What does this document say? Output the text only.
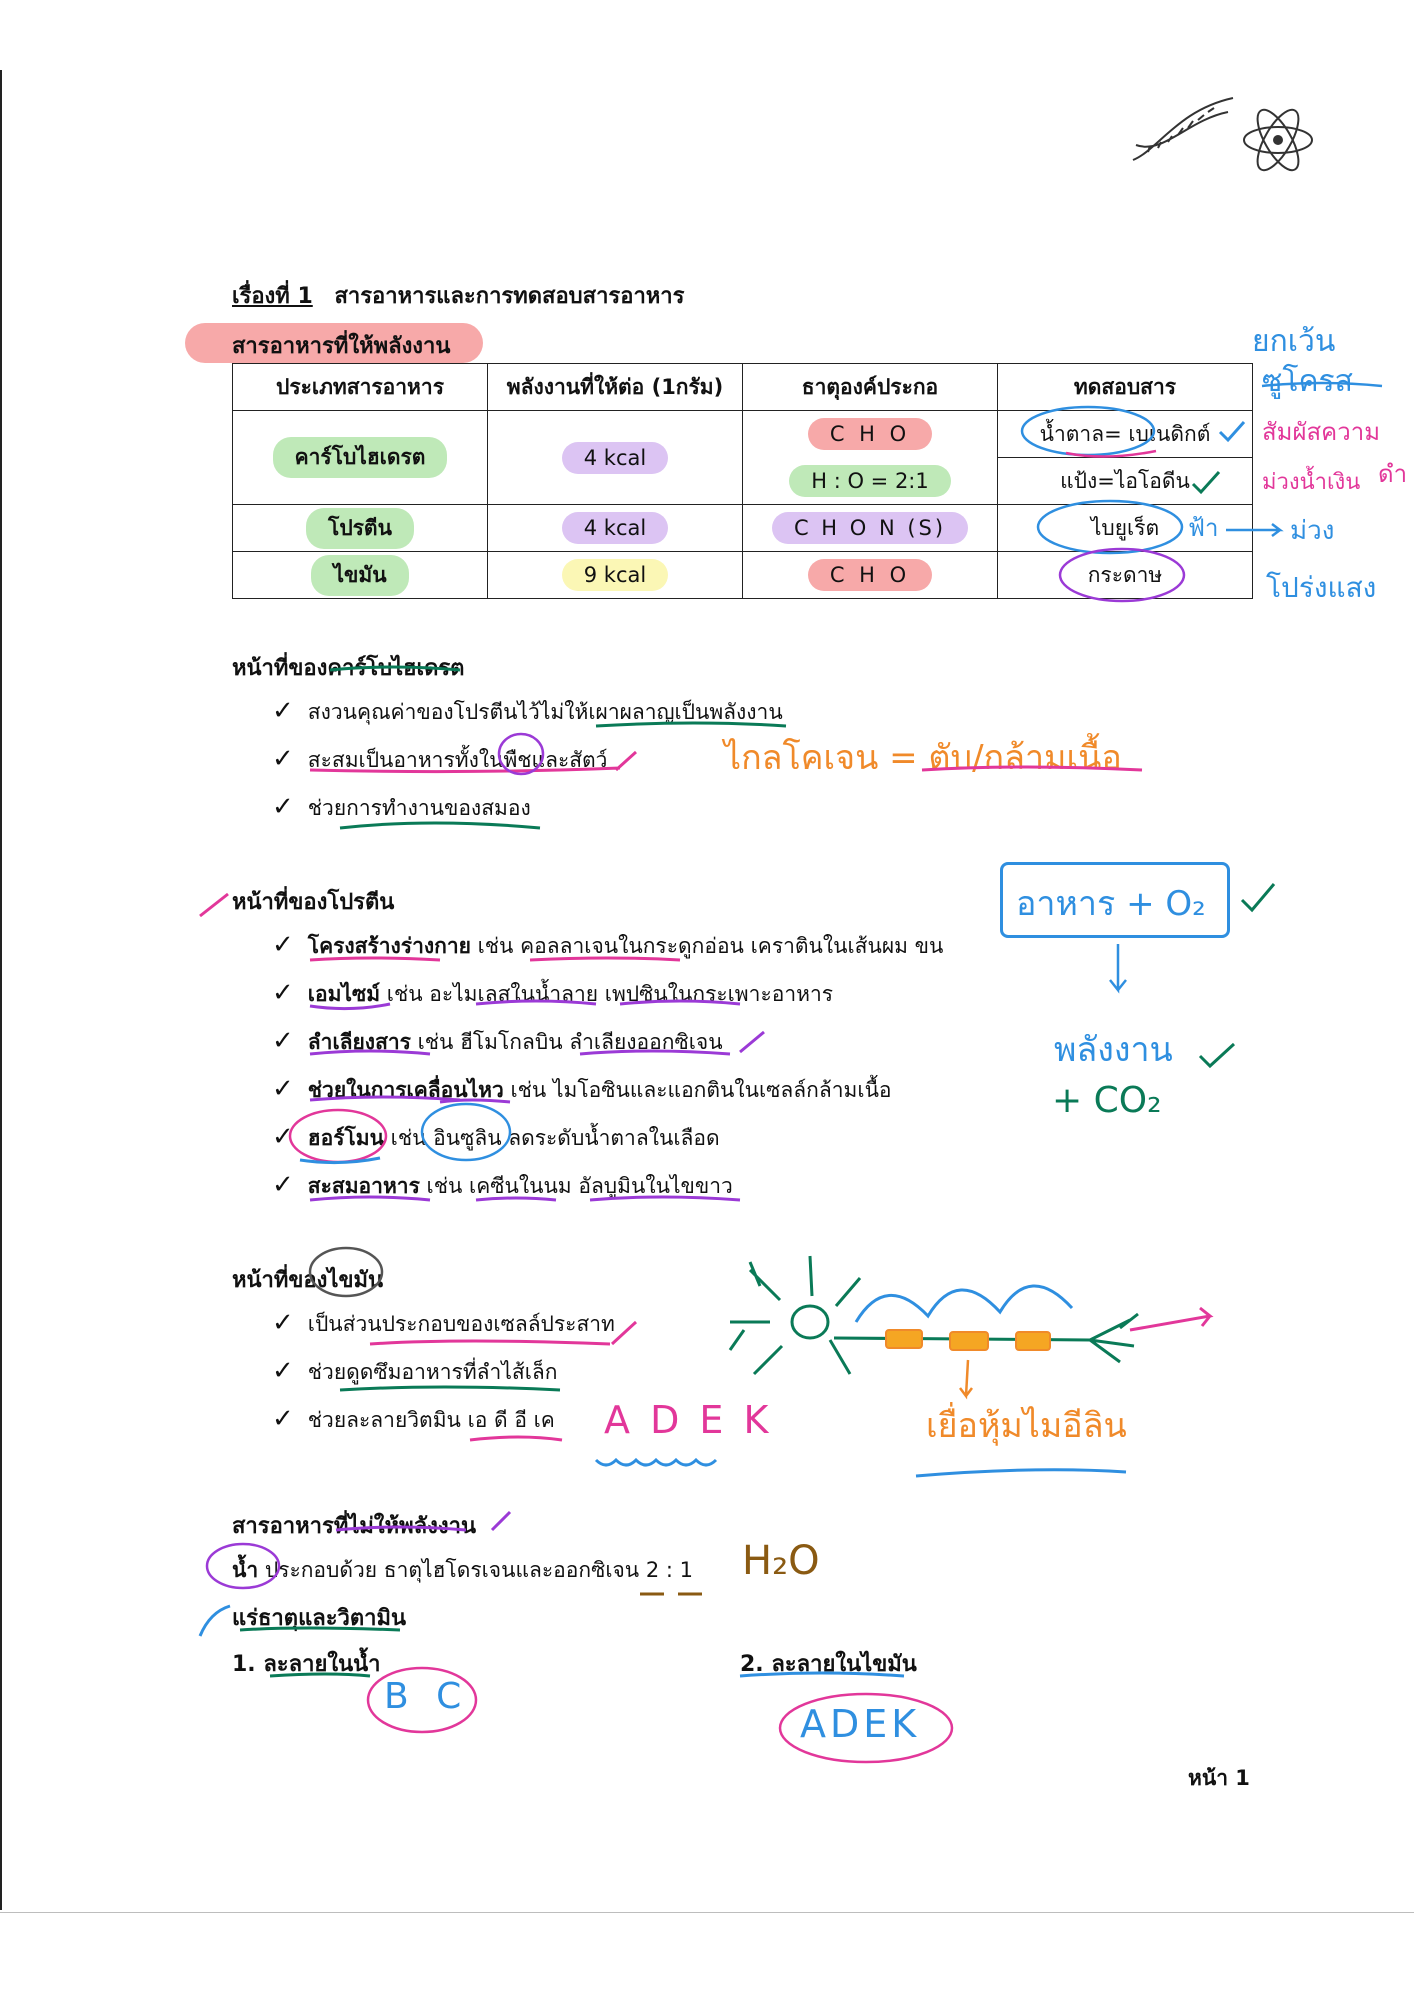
เรื่องที่ 1 สารอาหารและการทดสอบสารอาหาร
สารอาหารที่ให้พลังงาน
ประเภทสารอาหาร	พลังงานที่ให้ต่อ (1กรัม)	ธาตุองค์ประกอ	ทดสอบสาร
คาร์โบไฮเดรต	4 kcal	C H O	น้ำตาล= เบเนดิกต์
		H : O = 2:1	แป้ง=ไอโอดีน
โปรตีน	4 kcal	C H O N (S)	ไบยูเร็ต
ไขมัน	9 kcal	C H O	กระดาษ
ยกเว้น
ซูโครส
สัมผัสความ
ม่วงน้ำเงิน ดำ
ฟ้า	ม่วง
โปร่งแสง
หน้าที่ของคาร์โบไฮเดรต
✓ สงวนคุณค่าของโปรตีนไว้ไม่ให้เผาผลาญเป็นพลังงาน
✓ สะสมเป็นอาหารทั้งในพืชและสัตว์
✓ ช่วยการทำงานของสมอง
ไกลโคเจน = ตับ/กล้ามเนื้อ
หน้าที่ของโปรตีน
✓ โครงสร้างร่างกาย เช่น คอลลาเจนในกระดูกอ่อน เคราตินในเส้นผม ขน
✓ เอมไซม์ เช่น อะไมเลสในน้ำลาย เพปซินในกระเพาะอาหาร
✓ ลำเลียงสาร เช่น ฮีโมโกลบิน ลำเลียงออกซิเจน
✓ ช่วยในการเคลื่อนไหว เช่น ไมโอซินและแอกตินในเซลล์กล้ามเนื้อ
✓ ฮอร์โมน เช่น อินซูลิน ลดระดับน้ำตาลในเลือด
✓ สะสมอาหาร เช่น เคซีนในนม อัลบูมินในไขขาว
อาหาร + O₂
พลังงาน
+ CO₂
หน้าที่ของไขมัน
✓ เป็นส่วนประกอบของเซลล์ประสาท
✓ ช่วยดูดซึมอาหารที่ลำไส้เล็ก
✓ ช่วยละลายวิตมิน เอ ดี อี เค A D E K	เยื่อหุ้มไมอีลิน
สารอาหารที่ไม่ให้พลังงาน
น้ำ ประกอบด้วย ธาตุไฮโดรเจนและออกซิเจน 2 : 1 H₂O
แร่ธาตุและวิตามิน
1. ละลายในน้ำ	2. ละลายในไขมัน
B C
ADEK
หน้า 1
